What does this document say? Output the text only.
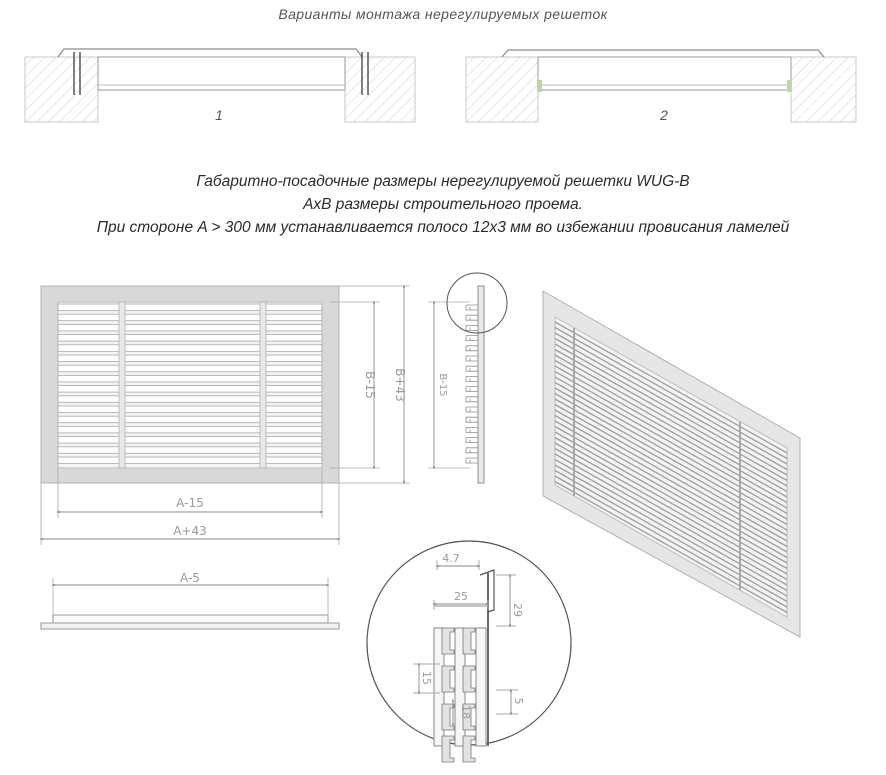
Варианты монтажа нерегулируемых решеток
Габаритно-посадочные размеры нерегулируемой решетки WUG-B
AxB размеры строительного проема.
При стороне A > 300 мм устанавливается полосо 12х3 мм во избежании провисания ламелей
1	2
B-15 B+43
A-15
A+43
A-5
B-15
4.7
25
29
15
18
5
